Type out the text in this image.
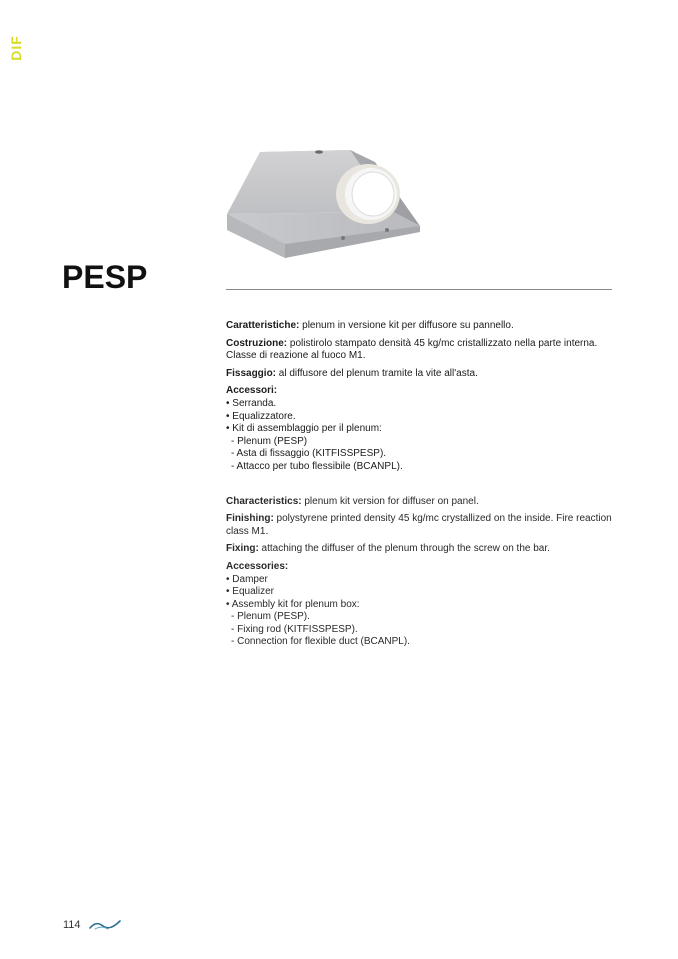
DIF
PESP

Caratteristiche: plenum in versione kit per diffusore su pannello.

Costruzione: polistirolo stampato densità 45 kg/mc cristallizzato nella parte interna.
Classe di reazione al fuoco M1.

Fissaggio: al diffusore del plenum tramite la vite all'asta.

Accessori:
• Serranda.
• Equalizzatore.
• Kit di assemblaggio per il plenum:
- Plenum (PESP)
- Asta di fissaggio (KITFISSPESP).
- Attacco per tubo flessibile (BCANPL).

Characteristics: plenum kit version for diffuser on panel.

Finishing: polystyrene printed density 45 kg/mc crystallized on the inside. Fire reaction
class M1.

Fixing: attaching the diffuser of the plenum through the screw on the bar.

Accessories:
• Damper
• Equalizer
• Assembly kit for plenum box:
- Plenum (PESP).
- Fixing rod (KITFISSPESP).
- Connection for flexible duct (BCANPL).

114
